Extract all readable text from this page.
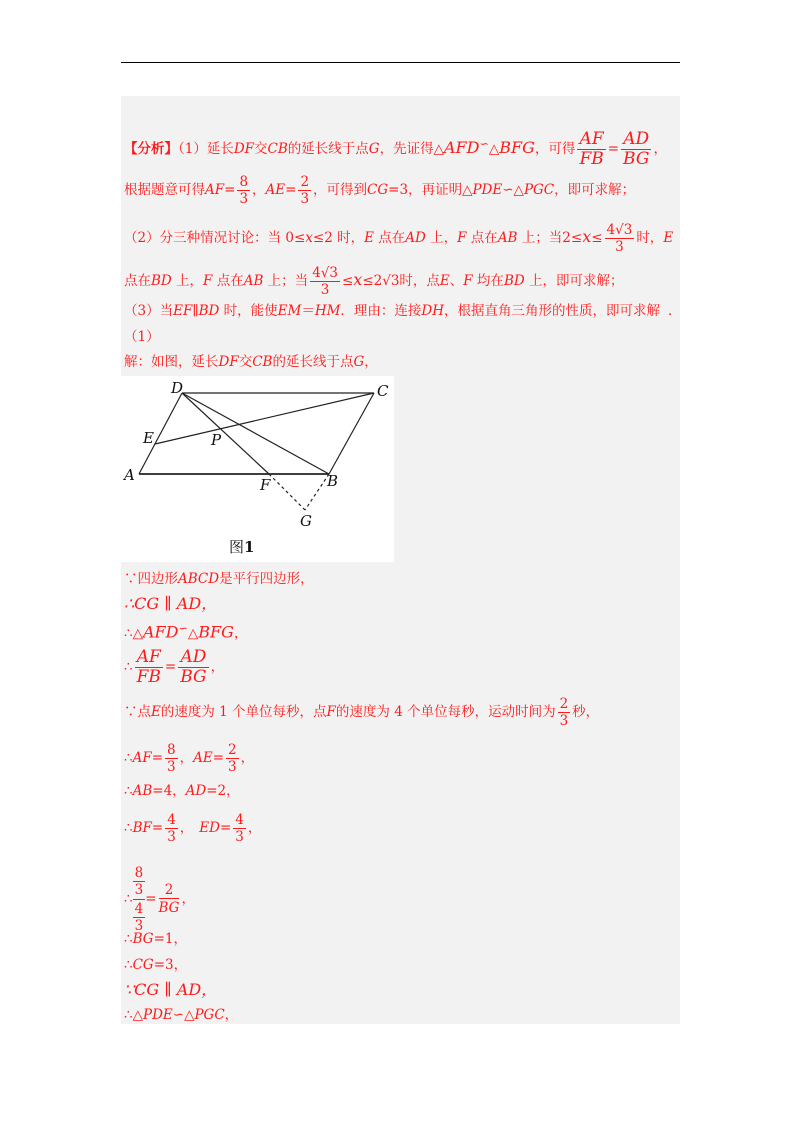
【分析】（1）延长DF交CB的延长线于点G，先证得△AFD∽△BFG，可得 $\frac{AF}{FB} = \frac{AD}{BG}$ ，
根据题意可得$AF= \frac{8}{3}$ ，$AE= \frac{2}{3}$ ，可得到CG=3，再证明△PDE∽△PGC，即可求解；
（2）分三种情况讨论：当 0≤x≤2 时，E 点在AD 上，F 点在AB 上；当$2\le x\le \frac{4√3}{3}$ 时，E
点在BD 上，F 点在AB 上；当 $\frac{4√3}{3} \le x\le 2√3$时，点E、F 均在BD 上，即可求解；
（3）当EF∥BD 时，能使EM＝HM．理由：连接DH，根据直角三角形的性质，即可求解 ．
（1）
解：如图，延长DF交CB的延长线于点G，
D	C
E	P
A
F	B
G
图1
∵四边形ABCD是平行四边形，
∴CG ∥ AD，
∴△AFD∽△BFG，
∴ $\frac{AF}{FB} = \frac{AD}{BG}$ ，
∵点E的速度为 1 个单位每秒，点F的速度为 4 个单位每秒，运动时间为 $\frac{2}{3}$ 秒，
∴AF= $\frac{8}{3}$ ，$AE= \frac{2}{3}$ ，
∴AB=4，AD=2，
∴BF= $\frac{4}{3}$ ， $ED= \frac{4}{3}$ ，
∴ 8
3
4
$3 = \frac{2}{BG}$ ，
∴BG=1，
∴CG=3，
∵CG ∥ AD，
∴△PDE∽△PGC，
